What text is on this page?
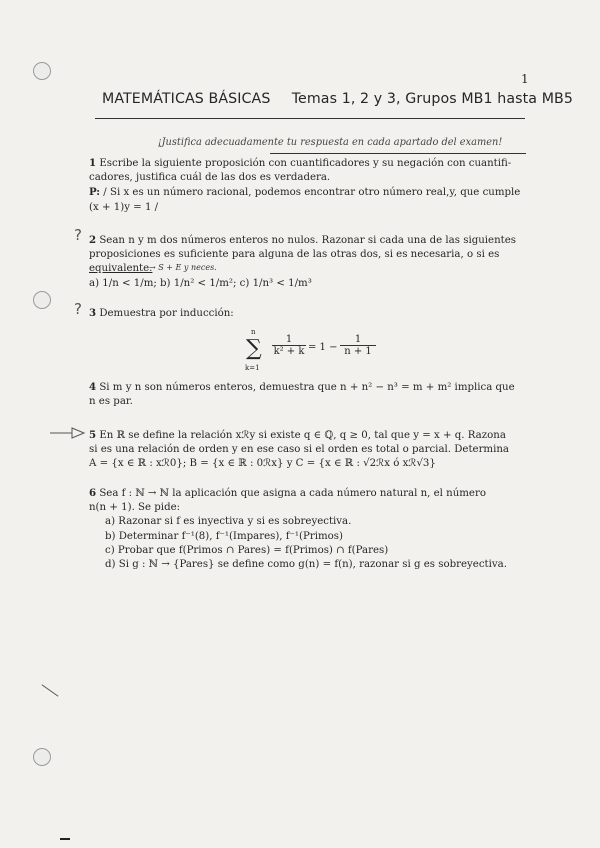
1
MATEMÁTICAS BÁSICAS Temas 1, 2 y 3, Grupos MB1 hasta MB5
¡Justifica adecuadamente tu respuesta en cada apartado del examen!

1 Escribe la siguiente proposición con cuantificadores y su negación con cuantifi-

cadores, justifica cuál de las dos es verdadera.

P: / Si x es un número racional, podemos encontrar otro número real,y, que cumple

(x + 1)y = 1 /

? 2 Sean n y m dos números enteros no nulos. Razonar si cada una de las siguientes

proposiciones es suficiente para alguna de las otras dos, si es necesaria, o si es

equivalente.

a) 1/n < 1/m; b) 1/n² < 1/m²; c) 1/n³ < 1/m³

→ S + E y neces.
? 3 Demuestra por inducción:

n
∑
k=1
$\frac{1}{\text{k² + k}} = 1 - \frac{1}{n + 1}$

4 Si m y n son números enteros, demuestra que n + n² − n³ = m + m² implica que

n es par.

5 En ℝ se define la relación xℛy si existe q ∈ ℚ, q ≥ 0, tal que y = x + q. Razona

si es una relación de orden y en ese caso si el orden es total o parcial. Determina

A = {x ∈ ℝ : xℛ0}; B = {x ∈ ℝ : 0ℛx} y C = {x ∈ ℝ : √2ℛx ó xℛ√3}

6 Sea f : ℕ → ℕ la aplicación que asigna a cada número natural n, el número

n(n + 1). Se pide:

a) Razonar si f es inyectiva y si es sobreyectiva.

b) Determinar f⁻¹(8), f⁻¹(Impares), f⁻¹(Primos)

c) Probar que f(Primos ∩ Pares) = f(Primos) ∩ f(Pares)

d) Si g : ℕ → {Pares} se define como g(n) = f(n), razonar si g es sobreyectiva.
